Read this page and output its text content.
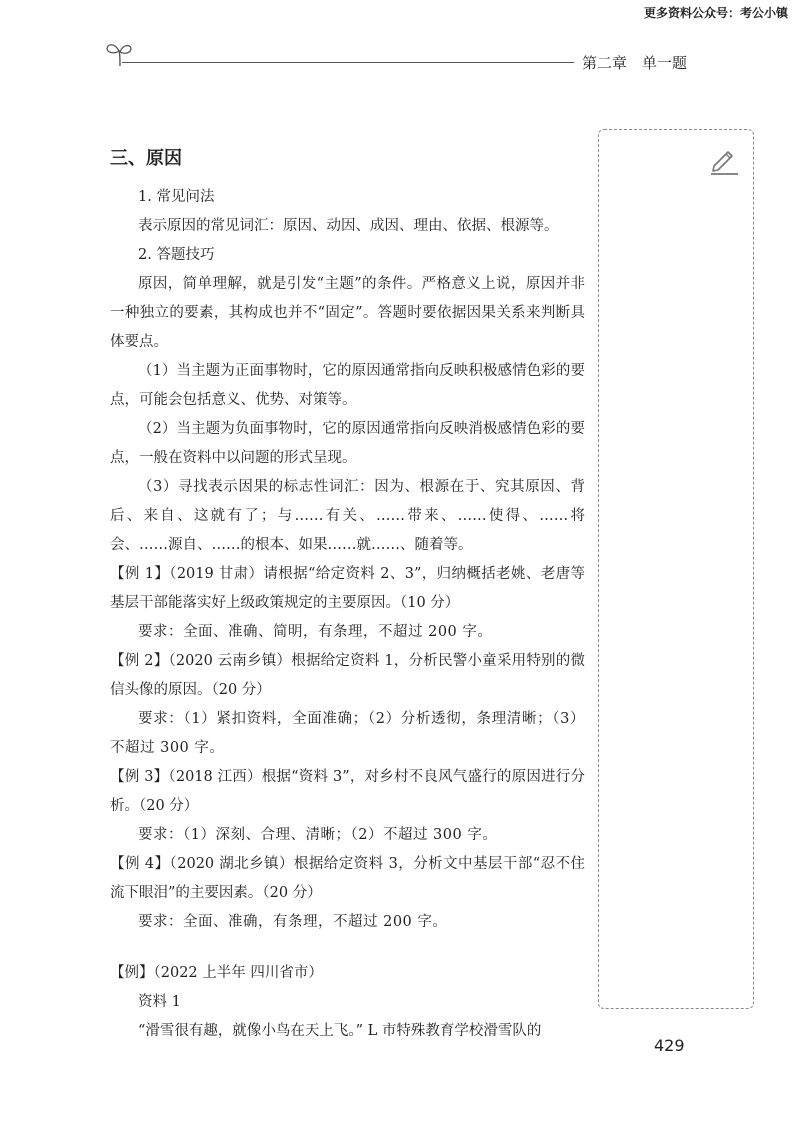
更多资料公众号：考公小镇
第二章　单一题
三、原因

1. 常见问法

表示原因的常见词汇：原因、动因、成因、理由、依据、根源等。

2. 答题技巧

原因，简单理解，就是引发“主题”的条件。严格意义上说，原因并非一种独立的要素，其构成也并不“固定”。答题时要依据因果关系来判断具体要点。

（1）当主题为正面事物时，它的原因通常指向反映积极感情色彩的要点，可能会包括意义、优势、对策等。

（2）当主题为负面事物时，它的原因通常指向反映消极感情色彩的要点，一般在资料中以问题的形式呈现。

（3）寻找表示因果的标志性词汇：因为、根源在于、究其原因、背后、来自、这就有了；与……有关、……带来、……使得、……将会、……源自、……的根本、如果……就……、随着等。

【例 1】（2019 甘肃）请根据“给定资料 2、3”，归纳概括老姚、老唐等基层干部能落实好上级政策规定的主要原因。（10 分）

要求：全面、准确、简明，有条理，不超过 200 字。

【例 2】（2020 云南乡镇）根据给定资料 1，分析民警小童采用特别的微信头像的原因。（20 分）

要求：（1）紧扣资料，全面准确；（2）分析透彻，条理清晰；（3）不超过 300 字。

【例 3】（2018 江西）根据“资料 3”，对乡村不良风气盛行的原因进行分析。（20 分）

要求：（1）深刻、合理、清晰；（2）不超过 300 字。

【例 4】（2020 湖北乡镇）根据给定资料 3，分析文中基层干部“忍不住流下眼泪”的主要因素。（20 分）

要求：全面、准确，有条理，不超过 200 字。

【例】（2022 上半年 四川省市）

资料 1

“滑雪很有趣，就像小鸟在天上飞。” L 市特殊教育学校滑雪队的

429
